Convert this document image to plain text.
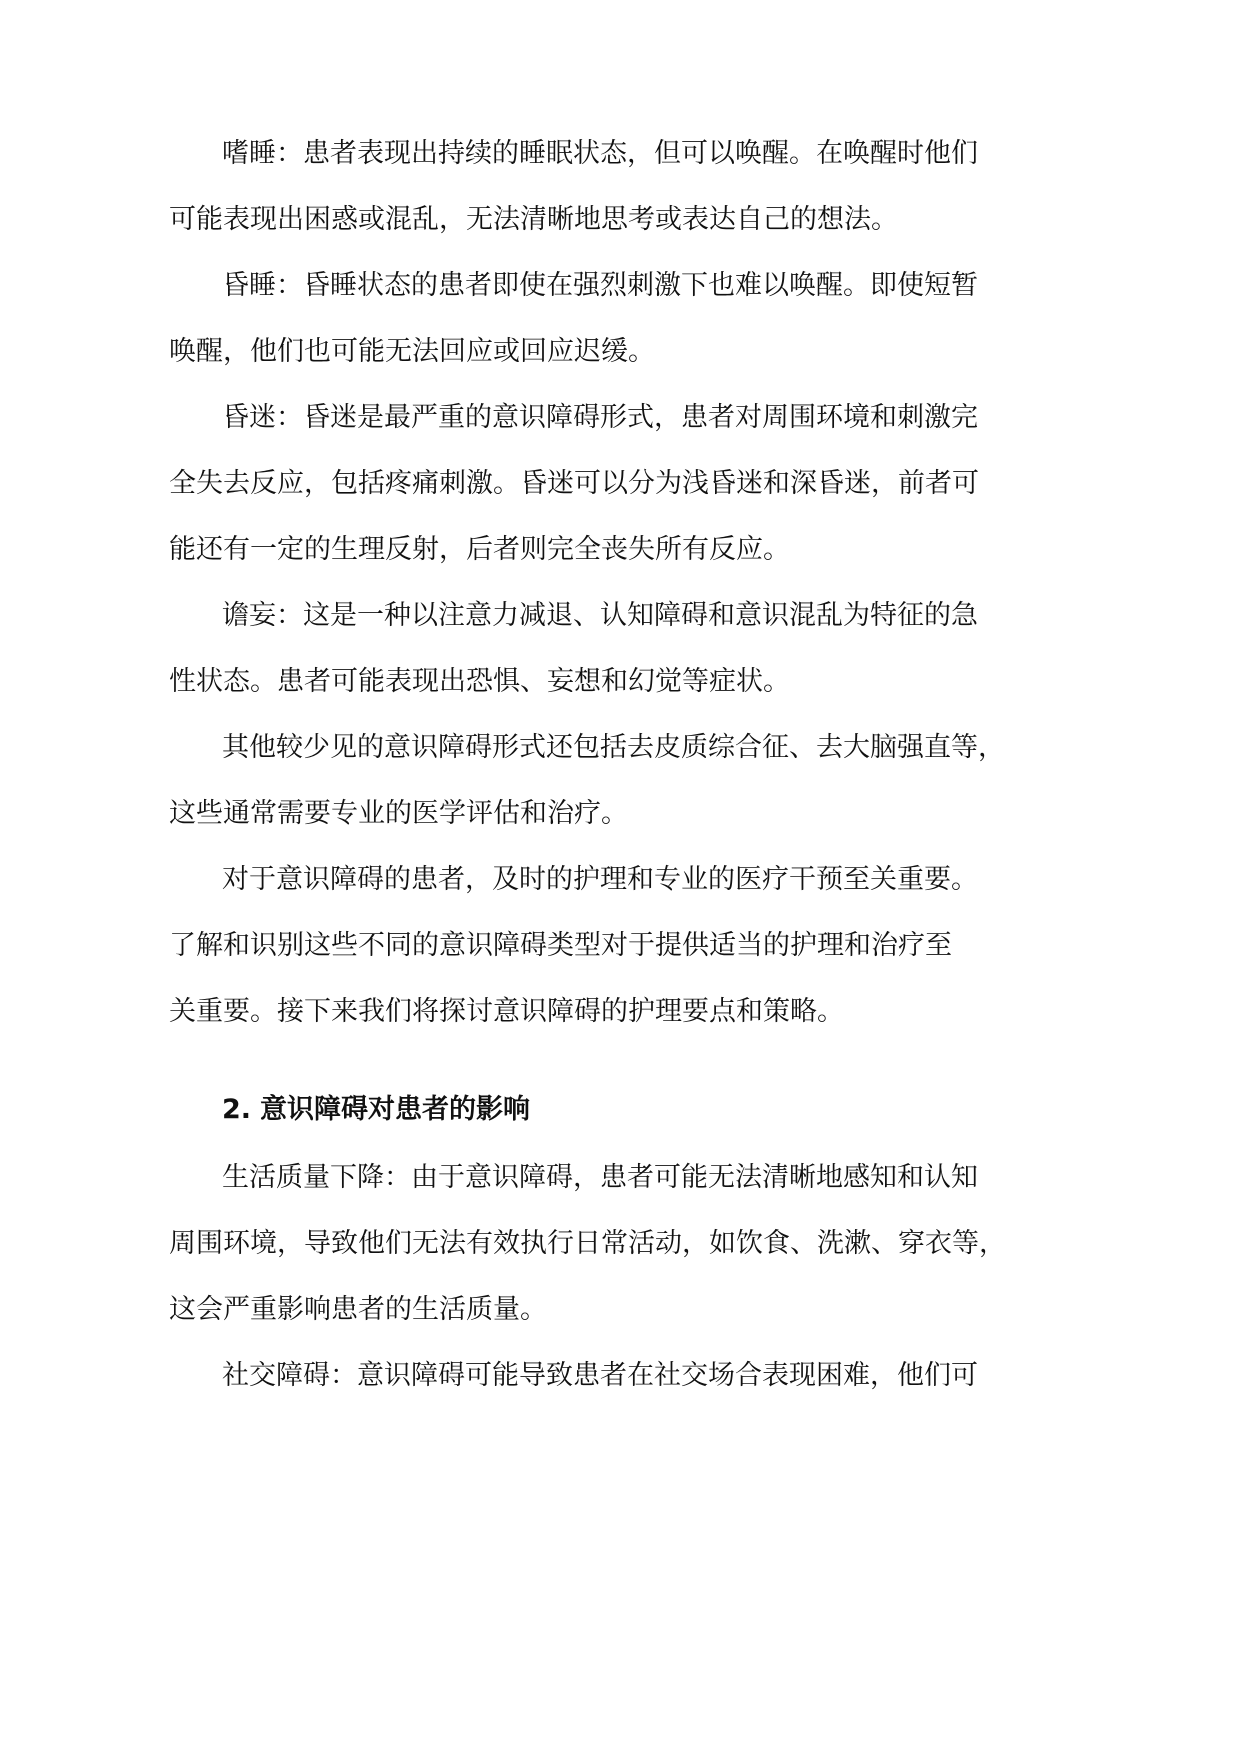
嗜睡：患者表现出持续的睡眠状态，但可以唤醒。在唤醒时他们
可能表现出困惑或混乱，无法清晰地思考或表达自己的想法。
昏睡：昏睡状态的患者即使在强烈刺激下也难以唤醒。即使短暂
唤醒，他们也可能无法回应或回应迟缓。
昏迷：昏迷是最严重的意识障碍形式，患者对周围环境和刺激完
全失去反应，包括疼痛刺激。昏迷可以分为浅昏迷和深昏迷，前者可
能还有一定的生理反射，后者则完全丧失所有反应。
谵妄：这是一种以注意力减退、认知障碍和意识混乱为特征的急
性状态。患者可能表现出恐惧、妄想和幻觉等症状。
其他较少见的意识障碍形式还包括去皮质综合征、去大脑强直等，
这些通常需要专业的医学评估和治疗。
对于意识障碍的患者，及时的护理和专业的医疗干预至关重要。
了解和识别这些不同的意识障碍类型对于提供适当的护理和治疗至
关重要。接下来我们将探讨意识障碍的护理要点和策略。
2. 意识障碍对患者的影响
生活质量下降：由于意识障碍，患者可能无法清晰地感知和认知
周围环境，导致他们无法有效执行日常活动，如饮食、洗漱、穿衣等，
这会严重影响患者的生活质量。
社交障碍：意识障碍可能导致患者在社交场合表现困难，他们可
